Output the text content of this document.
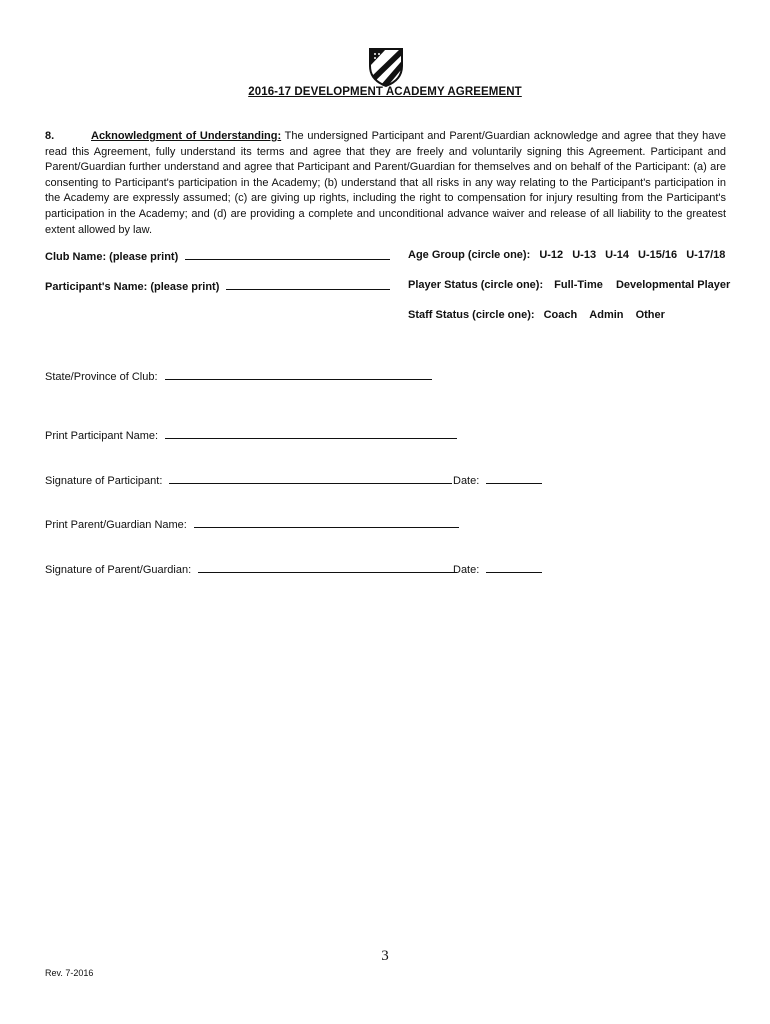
2016-17 DEVELOPMENT ACADEMY AGREEMENT
8.	Acknowledgment of Understanding: The undersigned Participant and Parent/Guardian acknowledge and agree that they have read this Agreement, fully understand its terms and agree that they are freely and voluntarily signing this Agreement. Participant and Parent/Guardian further understand and agree that Participant and Parent/Guardian for themselves and on behalf of the Participant: (a) are consenting to Participant's participation in the Academy; (b) understand that all risks in any way relating to the Participant's participation in the Academy are expressly assumed; (c) are giving up rights, including the right to compensation for injury resulting from the Participant's participation in the Academy; and (d) are providing a complete and unconditional advance waiver and release of all liability to the greatest extent allowed by law.
Club Name: (please print)
Participant's Name: (please print)
Age Group (circle one): U-12 U-13 U-14 U-15/16 U-17/18
Player Status (circle one): Full-Time Developmental Player
Staff Status (circle one): Coach Admin Other
State/Province of Club:
Print Participant Name:
Signature of Participant:	Date:
Print Parent/Guardian Name:
Signature of Parent/Guardian:	Date:
3
Rev. 7-2016
